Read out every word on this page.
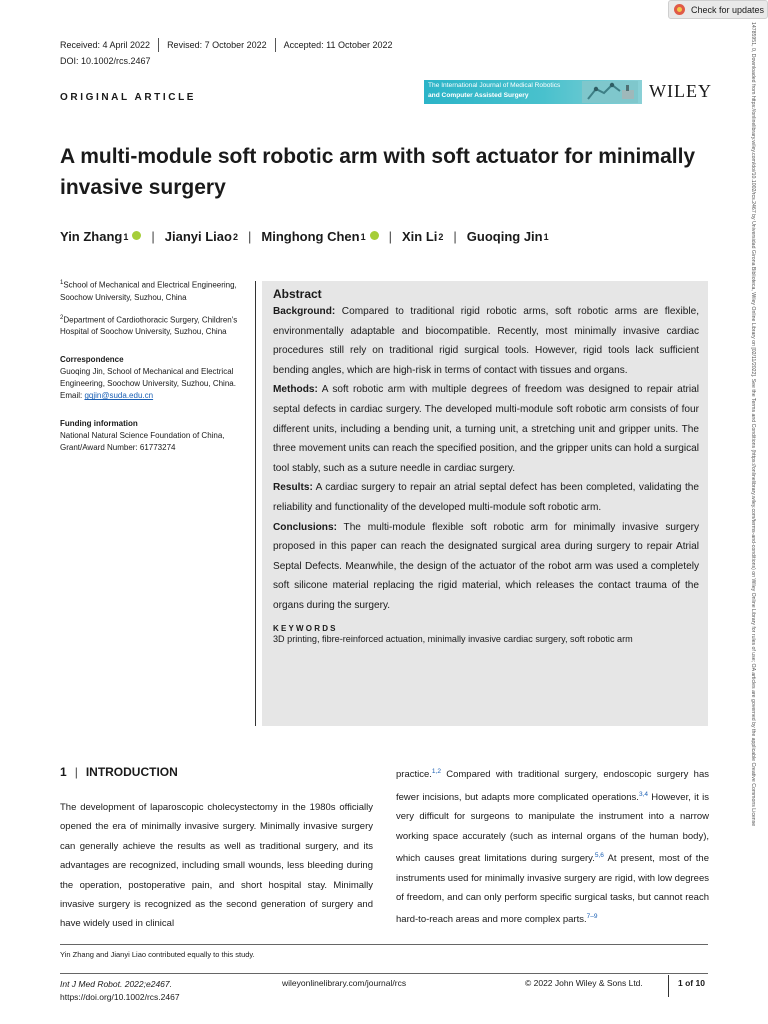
Check for updates
Received: 4 April 2022 Revised: 7 October 2022 Accepted: 11 October 2022
DOI: 10.1002/rcs.2467
ORIGINAL ARTICLE
The International Journal of Medical Robotics
and Computer Assisted Surgery	WILEY
A multi-module soft robotic arm with soft actuator for minimally invasive surgery
Yin Zhang 1 | Jianyi Liao 2 | Minghong Chen 1 | Xin Li 2 | Guoqing Jin 1
$^1$School of Mechanical and Electrical Engineering, Soochow University, Suzhou, China
$^2$Department of Cardiothoracic Surgery, Children's Hospital of Soochow University, Suzhou, China
Correspondence
Guoqing Jin, School of Mechanical and Electrical Engineering, Soochow University, Suzhou, China.
Email: gqjin@suda.edu.cn
Funding information
National Natural Science Foundation of China, Grant/Award Number: 61773274
Abstract

Background: Compared to traditional rigid robotic arms, soft robotic arms are flexible, environmentally adaptable and biocompatible. Recently, most minimally invasive cardiac procedures still rely on traditional rigid surgical tools. However, rigid tools lack sufficient bending angles, which are high-risk in terms of contact with tissues and organs.

Methods: A soft robotic arm with multiple degrees of freedom was designed to repair atrial septal defects in cardiac surgery. The developed multi-module soft robotic arm consists of four different units, including a bending unit, a turning unit, a stretching unit and gripper units. The three movement units can reach the specified position, and the gripper units can hold a surgical tool stably, such as a suture needle in cardiac surgery.

Results: A cardiac surgery to repair an atrial septal defect has been completed, validating the reliability and functionality of the developed multi-module soft robotic arm.

Conclusions: The multi-module flexible soft robotic arm for minimally invasive surgery proposed in this paper can reach the designated surgical area during surgery to repair Atrial Septal Defects. Meanwhile, the design of the actuator of the robot arm was used a completely soft silicone material replacing the rigid material, which releases the contact trauma of the organs during the surgery.

KEYWORDS
3D printing, fibre-reinforced actuation, minimally invasive cardiac surgery, soft robotic arm
1 | INTRODUCTION

The development of laparoscopic cholecystectomy in the 1980s officially opened the era of minimally invasive surgery. Minimally invasive surgery can generally achieve the results as well as traditional surgery, and its advantages are recognized, including small wounds, less bleeding during the operation, postoperative pain, and short hospital stay. Minimally invasive surgery is recognized as the second generation of surgery and have widely used in clinical

practice.$^{1,2}$ Compared with traditional surgery, endoscopic surgery has fewer incisions, but adapts more complicated operations.$^{3,4}$ However, it is very difficult for surgeons to manipulate the instrument into a narrow working space accurately (such as internal organs of the human body), which causes great limitations during surgery.$^{5,6}$ At present, most of the instruments used for minimally invasive surgery are rigid, with low degrees of freedom, and can only perform specific surgical tasks, but cannot reach hard-to-reach areas and more complex parts.$^{7-9}$

Yin Zhang and Jianyi Liao contributed equally to this study.
Int J Med Robot. 2022;e2467.
https://doi.org/10.1002/rcs.2467
wileyonlinelibrary.com/journal/rcs	© 2022 John Wiley & Sons Ltd.	1 of 10
14785951, 0, Downloaded from https://onlinelibrary.wiley.com/doi/10.1002/rcs.2467 by Universidad Girona Biblioteca, Wiley Online Library on [02/11/2022]. See the Terms and Conditions (https://onlinelibrary.wiley.com/terms-and-conditions) on Wiley Online Library for rules of use; OA articles are governed by the applicable Creative Commons License
